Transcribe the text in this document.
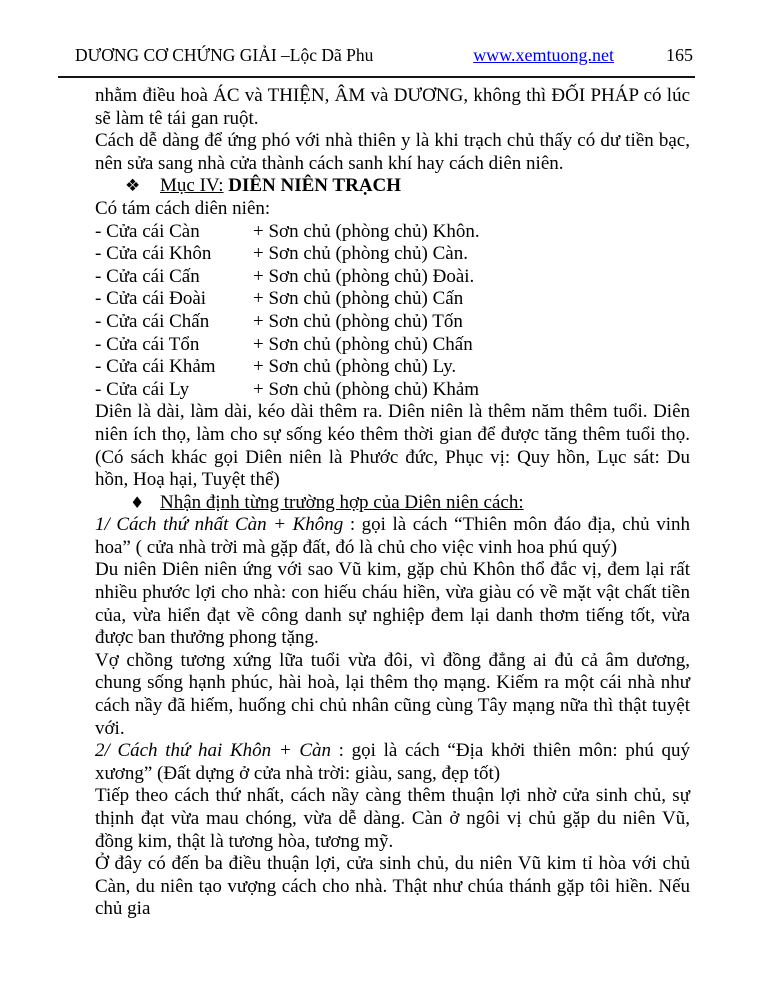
DƯƠNG CƠ CHỨNG GIẢI –Lộc Dã Phu	www.xemtuong.net	165

nhằm điều hoà ÁC và THIỆN, ÂM và DƯƠNG, không thì ĐỐI PHÁP có lúc sẽ làm tê tái gan ruột.

Cách dễ dàng để ứng phó với nhà thiên y là khi trạch chủ thấy có dư tiền bạc, nên sửa sang nhà cửa thành cách sanh khí hay cách diên niên.

❖ Mục IV: DIÊN NIÊN TRẠCH

Có tám cách diên niên:

- Cửa cái Càn	+ Sơn chủ (phòng chủ) Khôn.
- Cửa cái Khôn + Sơn chủ (phòng chủ) Càn.
- Cửa cái Cấn	+ Sơn chủ (phòng chủ) Đoài.
- Cửa cái Đoài + Sơn chủ (phòng chủ) Cấn
- Cửa cái Chấn + Sơn chủ (phòng chủ) Tốn
- Cửa cái Tổn	+ Sơn chủ (phòng chủ) Chấn
- Cửa cái Khảm + Sơn chủ (phòng chủ) Ly.
- Cửa cái Ly	+ Sơn chủ (phòng chủ) Khảm

Diên là dài, làm dài, kéo dài thêm ra. Diên niên là thêm năm thêm tuổi. Diên niên ích thọ, làm cho sự sống kéo thêm thời gian để được tăng thêm tuổi thọ. (Có sách khác gọi Diên niên là Phước đức, Phục vị: Quy hồn, Lục sát: Du hồn, Hoạ hại, Tuyệt thể)

♦ Nhận định từng trường hợp của Diên niên cách:

1/ Cách thứ nhất Càn + Không : gọi là cách “Thiên môn đáo địa, chủ vinh hoa” ( cửa nhà trời mà gặp đất, đó là chủ cho việc vinh hoa phú quý)

Du niên Diên niên ứng với sao Vũ kim, gặp chủ Khôn thổ đắc vị, đem lại rất nhiều phước lợi cho nhà: con hiếu cháu hiền, vừa giàu có về mặt vật chất tiền của, vừa hiển đạt về công danh sự nghiệp đem lại danh thơm tiếng tốt, vừa được ban thưởng phong tặng.

Vợ chồng tương xứng lữa tuổi vừa đôi, vì đồng đẳng ai đủ cả âm dương, chung sống hạnh phúc, hài hoà, lại thêm thọ mạng. Kiếm ra một cái nhà như cách nầy đã hiếm, huống chi chủ nhân cũng cùng Tây mạng nữa thì thật tuyệt với.

2/ Cách thứ hai Khôn + Càn : gọi là cách “Địa khởi thiên môn: phú quý xương” (Đất dựng ở cửa nhà trời: giàu, sang, đẹp tốt)

Tiếp theo cách thứ nhất, cách nầy càng thêm thuận lợi nhờ cửa sinh chủ, sự thịnh đạt vừa mau chóng, vừa dễ dàng. Càn ở ngôi vị chủ gặp du niên Vũ, đồng kim, thật là tương hòa, tương mỹ.

Ở đây có đến ba điều thuận lợi, cửa sinh chủ, du niên Vũ kim tỉ hòa với chủ Càn, du niên tạo vượng cách cho nhà. Thật như chúa thánh gặp tôi hiền. Nếu chủ gia
